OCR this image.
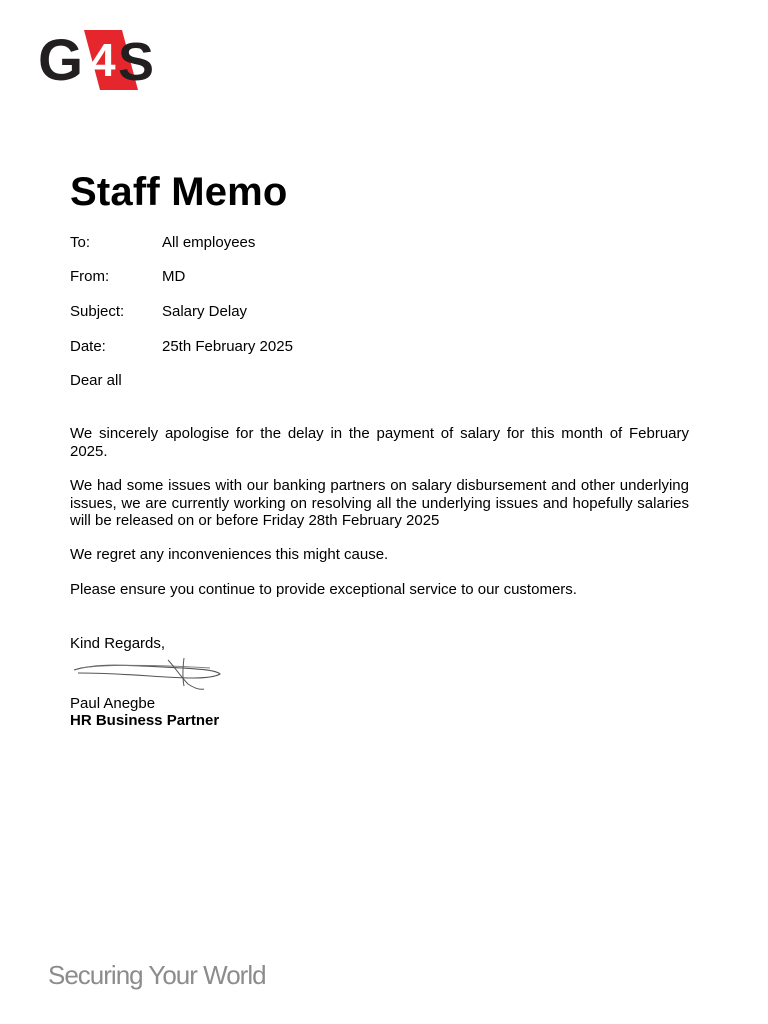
G 4 S
Staff Memo
To:	All employees
From:	MD
Subject:	Salary Delay
Date:	25th February 2025
Dear all
We sincerely apologise for the delay in the payment of salary for this month of February 2025.
We had some issues with our banking partners on salary disbursement and other underlying issues, we are currently working on resolving all the underlying issues and hopefully salaries will be released on or before Friday 28th February 2025
We regret any inconveniences this might cause.
Please ensure you continue to provide exceptional service to our customers.
Kind Regards,
Paul Anegbe
HR Business Partner
Securing Your World
